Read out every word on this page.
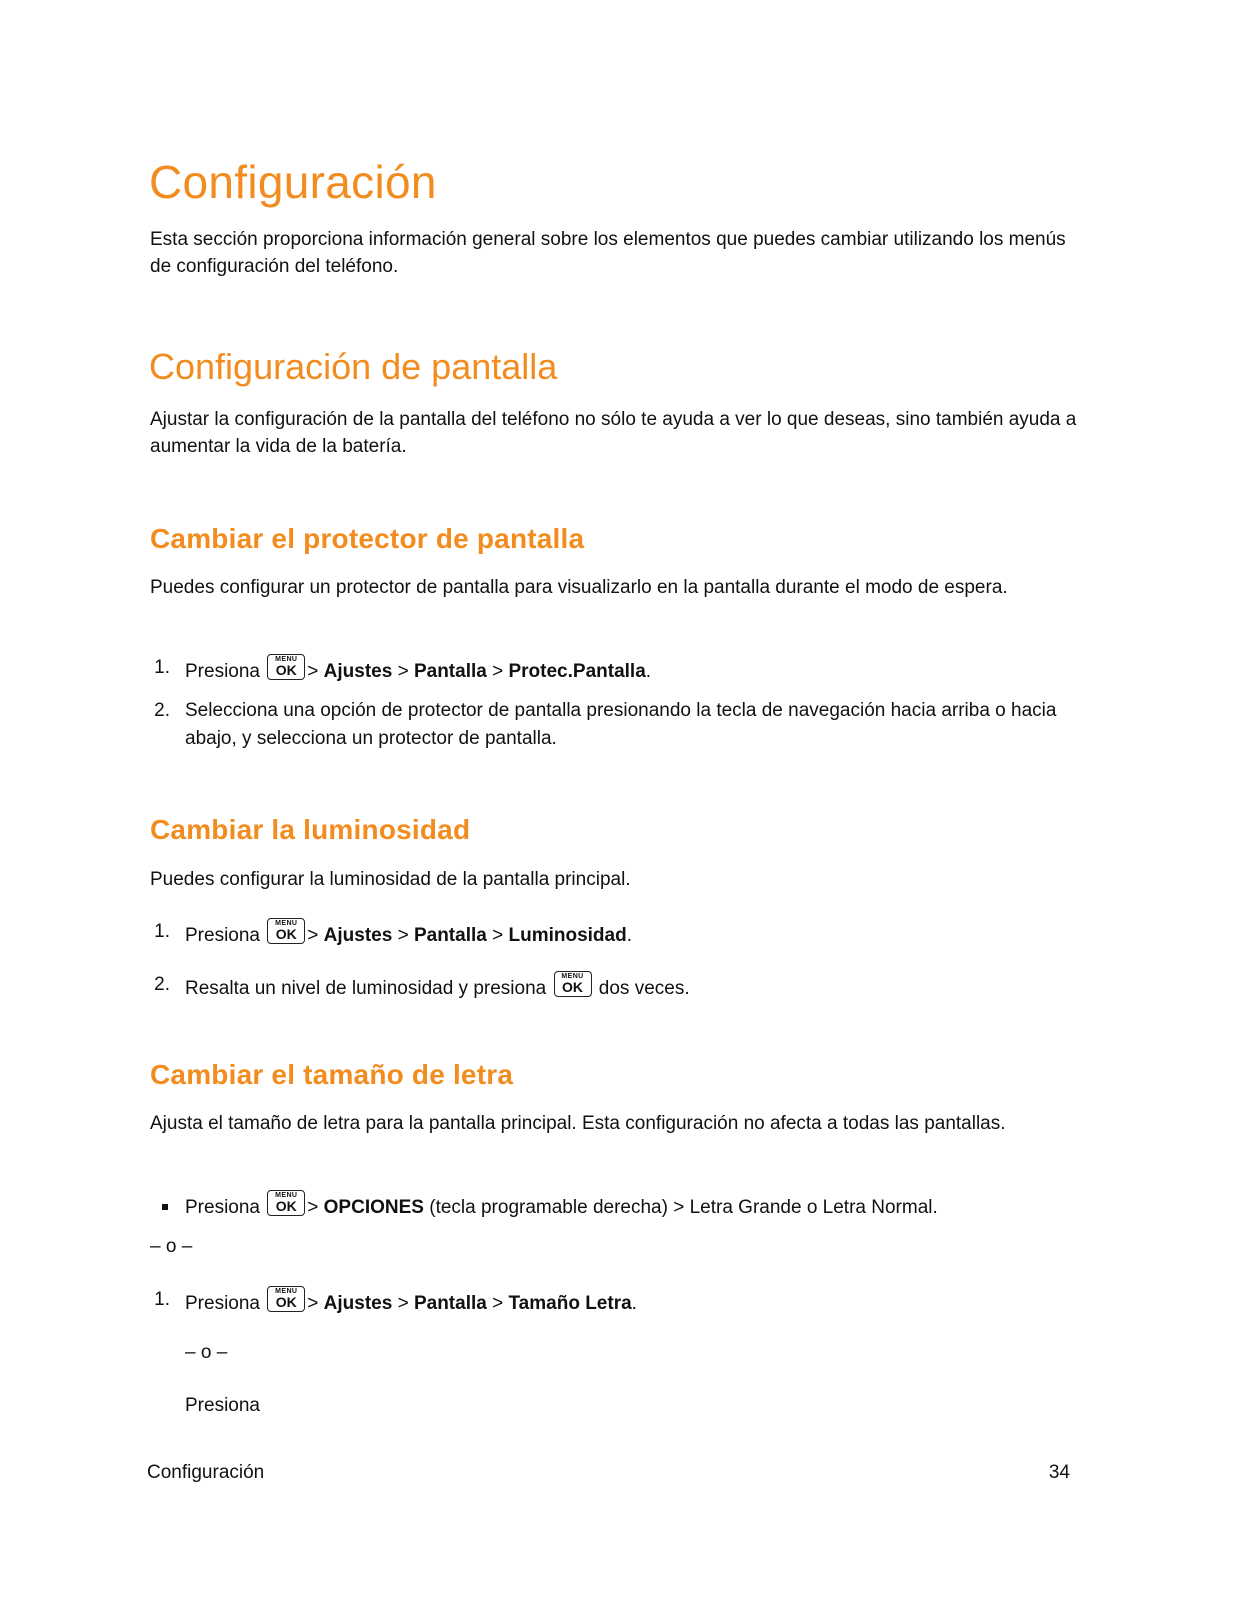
Configuración

Esta sección proporciona información general sobre los elementos que puedes cambiar utilizando los menús de configuración del teléfono.

Configuración de pantalla

Ajustar la configuración de la pantalla del teléfono no sólo te ayuda a ver lo que deseas, sino también ayuda a aumentar la vida de la batería.

Cambiar el protector de pantalla

Puedes configurar un protector de pantalla para visualizarlo en la pantalla durante el modo de espera.

1. Presiona
MENU
OK > Ajustes > Pantalla > Protec.Pantalla.
2. Selecciona una opción de protector de pantalla presionando la tecla de navegación hacia arriba o hacia abajo, y selecciona un protector de pantalla.
Cambiar la luminosidad

Puedes configurar la luminosidad de la pantalla principal.

1. Presiona
MENU
OK > Ajustes > Pantalla > Luminosidad.
2. Resalta un nivel de luminosidad y presiona
MENU
OK dos veces.
Cambiar el tamaño de letra

Ajusta el tamaño de letra para la pantalla principal. Esta configuración no afecta a todas las pantallas.

Presiona
MENU
OK > OPCIONES (tecla programable derecha) > Letra Grande o Letra Normal.
– o –
1. Presiona
MENU
OK > Ajustes > Pantalla > Tamaño Letra.
– o –
Presiona
Configuración	34
